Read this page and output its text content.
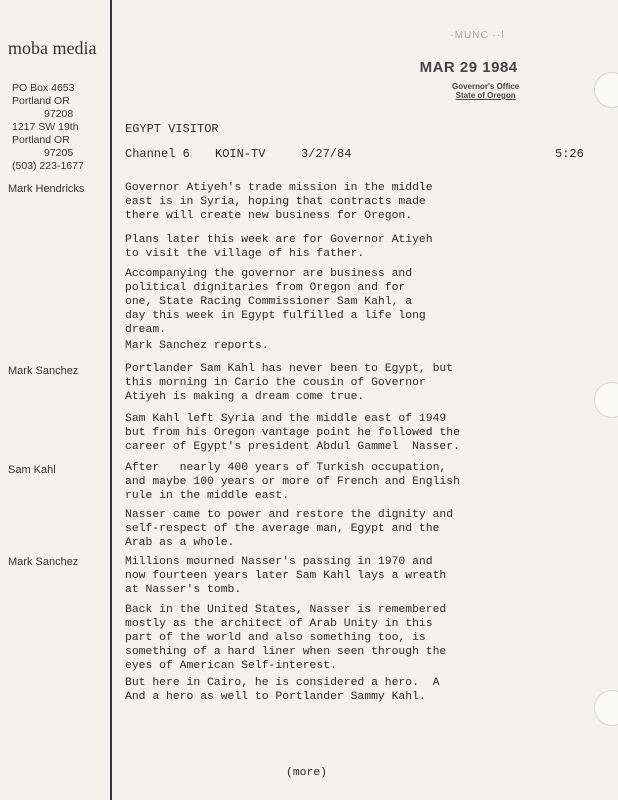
moba media
PO Box 4653
Portland OR
97208
1217 SW 19th
Portland OR
97205
(503) 223-1677
·MUNC ··I
MAR 29 1984
Governor's Office
State of Oregon
EGYPT VISITOR
Channel 6 KOIN-TV	3/27/84	5:26
Mark Hendricks
Mark Sanchez
Sam Kahl
Mark Sanchez
Governor Atiyeh's trade mission in the middle
east is in Syria, hoping that contracts made
there will create new business for Oregon.
Plans later this week are for Governor Atiyeh
to visit the village of his father.
Accompanying the governor are business and
political dignitaries from Oregon and for
one, State Racing Commissioner Sam Kahl, a
day this week in Egypt fulfilled a life long
dream.
Mark Sanchez reports.
Portlander Sam Kahl has never been to Egypt, but
this morning in Cario the cousin of Governor
Atiyeh is making a dream come true.
Sam Kahl left Syria and the middle east of 1949
but from his Oregon vantage point he followed the
career of Egypt's president Abdul Gammel  Nasser.
After   nearly 400 years of Turkish occupation,
and maybe 100 years or more of French and English
rule in the middle east.
Nasser came to power and restore the dignity and
self-respect of the average man, Egypt and the
Arab as a whole.
Millions mourned Nasser's passing in 1970 and
now fourteen years later Sam Kahl lays a wreath
at Nasser's tomb.
Back in the United States, Nasser is remembered
mostly as the architect of Arab Unity in this
part of the world and also something too, is
something of a hard liner when seen through the
eyes of American Self-interest.
But here in Cairo, he is considered a hero.  A
And a hero as well to Portlander Sammy Kahl.
(more)
